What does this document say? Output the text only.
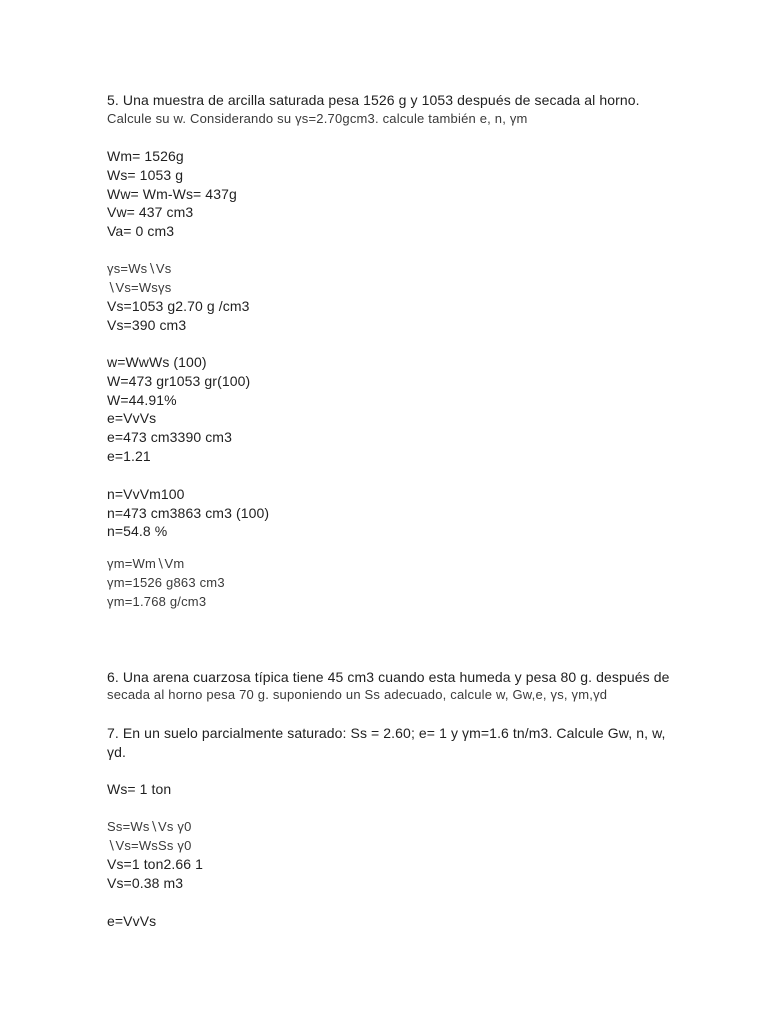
5. Una muestra de arcilla saturada pesa 1526 g y 1053 después de secada al horno.
Calcule su w. Considerando su γs=2.70gcm3. calcule también e, n, γm
Wm= 1526g
Ws= 1053 g
Ww= Wm-Ws= 437g
Vw= 437 cm3
Va= 0 cm3
γs=Ws∖Vs
∖Vs=Wsγs
Vs=1053 g2.70 g /cm3
Vs=390 cm3
w=WwWs (100)
W=473 gr1053 gr(100)
W=44.91%
e=VvVs
e=473 cm3390 cm3
e=1.21
n=VvVm100
n=473 cm3863 cm3 (100)
n=54.8 %
γm=Wm∖Vm
γm=1526 g863 cm3
γm=1.768 g/cm3
6. Una arena cuarzosa típica tiene 45 cm3 cuando esta humeda y pesa 80 g. después de
secada al horno pesa 70 g. suponiendo un Ss adecuado, calcule w, Gw,e, γs, γm,γd
7. En un suelo parcialmente saturado: Ss = 2.60; e= 1 y γm=1.6 tn/m3. Calcule Gw, n, w,
γd.
Ws= 1 ton
Ss=Ws∖Vs γ0
∖Vs=WsSs γ0
Vs=1 ton2.66 1
Vs=0.38 m3
e=VvVs
